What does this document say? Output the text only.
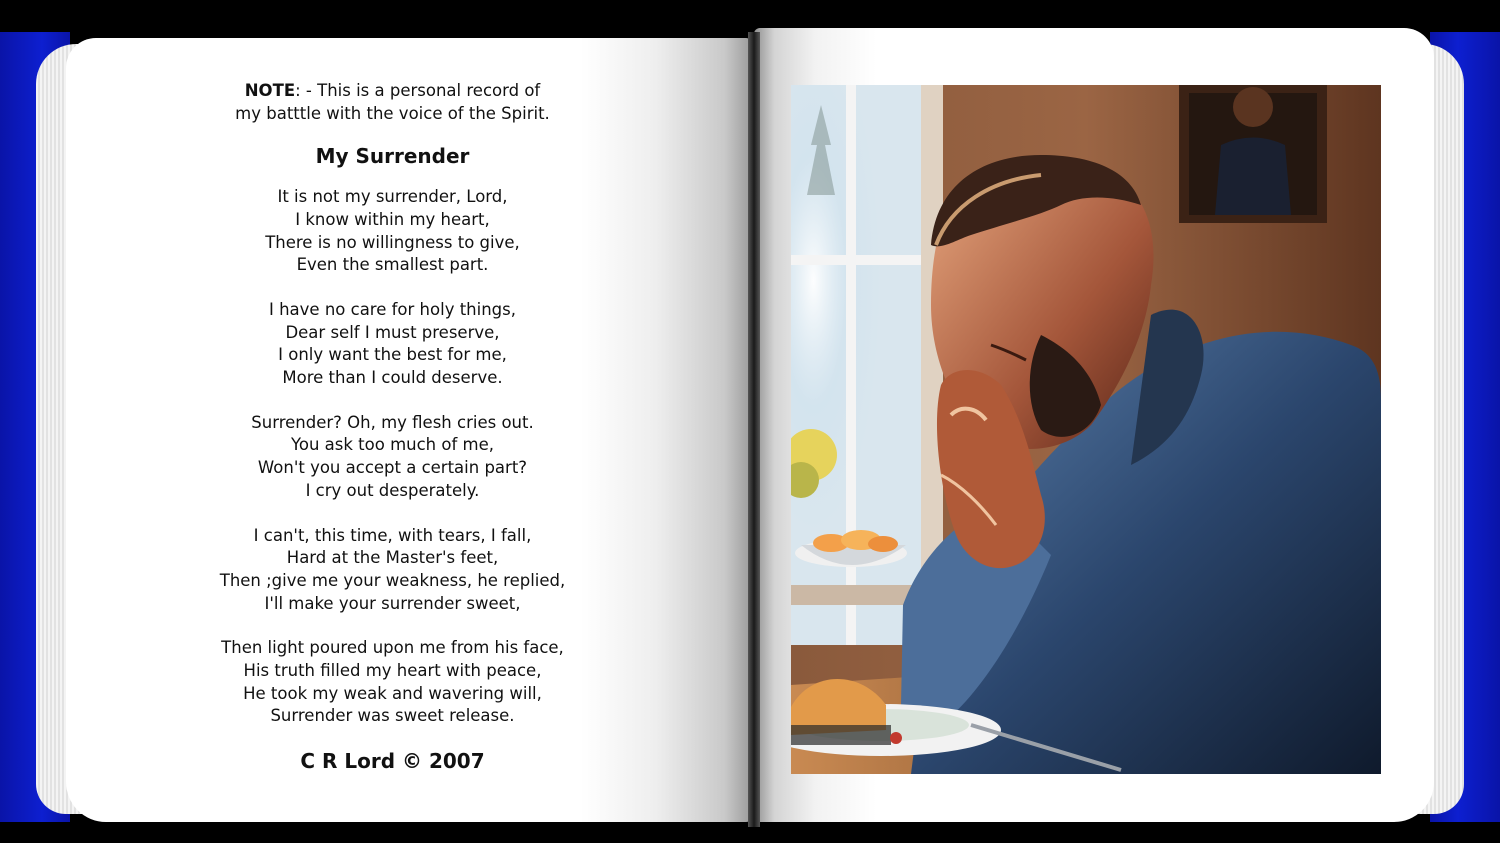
NOTE: - This is a personal record of

my batttle with the voice of the Spirit.

My Surrender

It is not my surrender, Lord,

I know within my heart,

There is no willingness to give,

Even the smallest part.

I have no care for holy things,

Dear self I must preserve,

I only want the best for me,

More than I could deserve.

Surrender? Oh, my flesh cries out.

You ask too much of me,

Won't you accept a certain part?

I cry out desperately.

I can't, this time, with tears, I fall,

Hard at the Master's feet,

Then ;give me your weakness, he replied,

I'll make your surrender sweet,

Then light poured upon me from his face,

His truth filled my heart with peace,

He took my weak and wavering will,

Surrender was sweet release.

C R Lord © 2007
